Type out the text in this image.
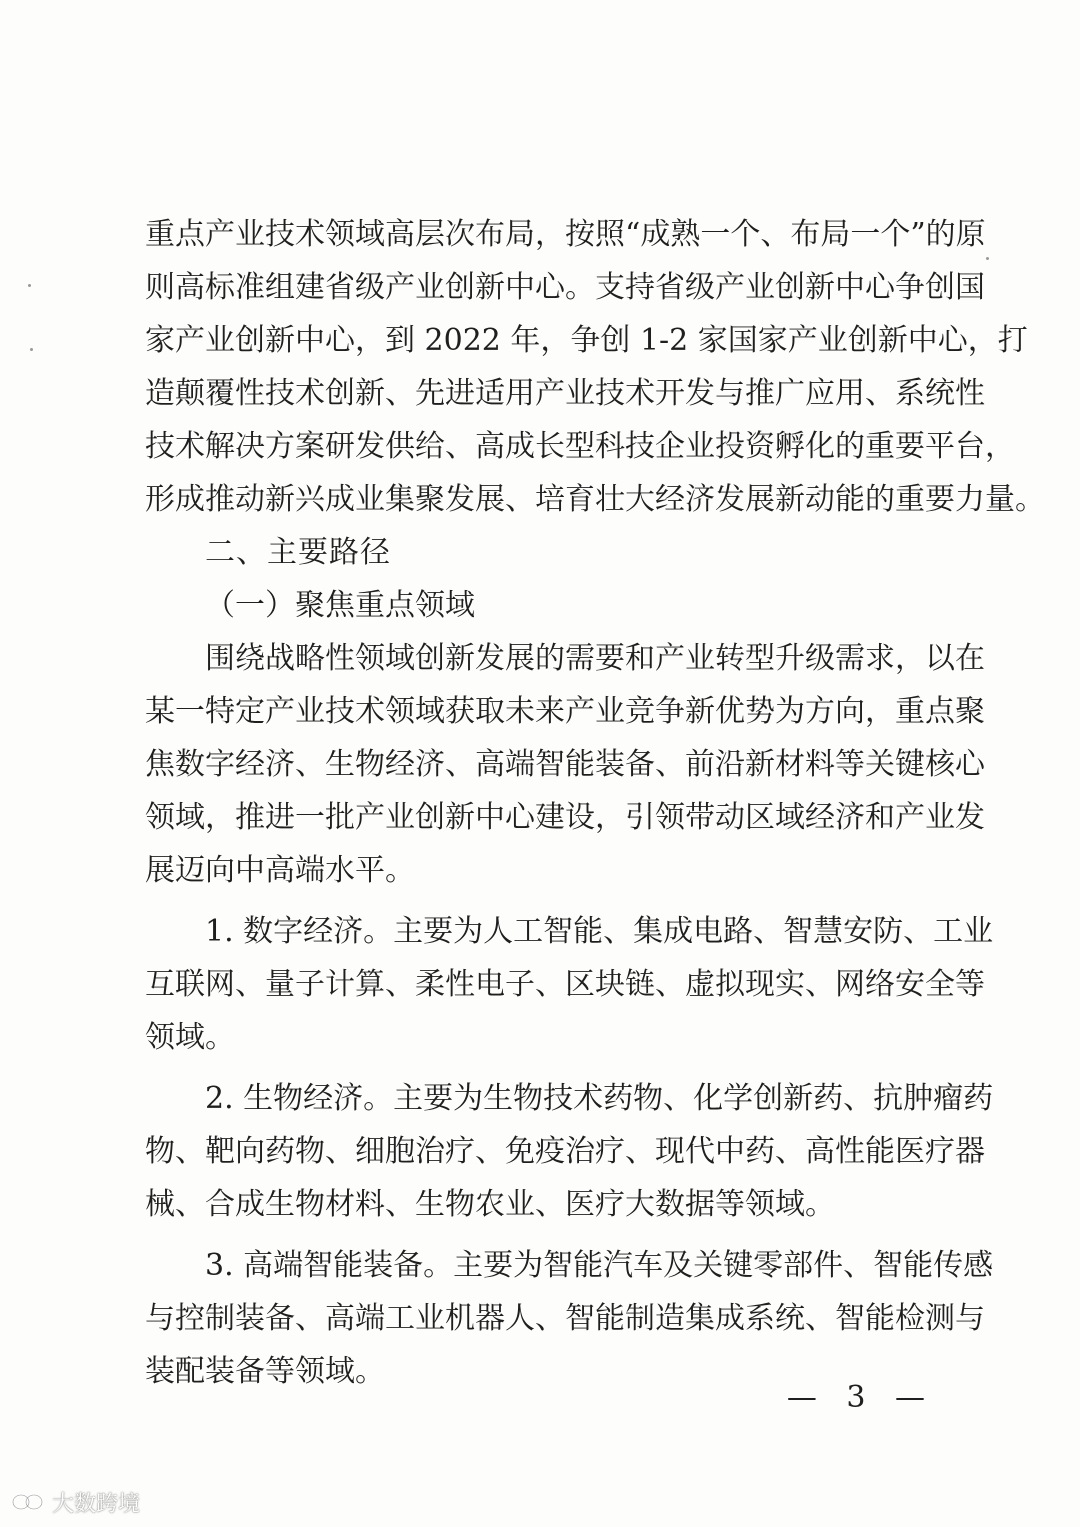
重点产业技术领域高层次布局，按照“成熟一个、布局一个”的原
则高标准组建省级产业创新中心。支持省级产业创新中心争创国
家产业创新中心，到 2022 年，争创 1-2 家国家产业创新中心，打
造颠覆性技术创新、先进适用产业技术开发与推广应用、系统性
技术解决方案研发供给、高成长型科技企业投资孵化的重要平台，
形成推动新兴成业集聚发展、培育壮大经济发展新动能的重要力量。
二、主要路径
（一）聚焦重点领域
围绕战略性领域创新发展的需要和产业转型升级需求，以在
某一特定产业技术领域获取未来产业竞争新优势为方向，重点聚
焦数字经济、生物经济、高端智能装备、前沿新材料等关键核心
领域，推进一批产业创新中心建设，引领带动区域经济和产业发
展迈向中高端水平。
1. 数字经济。主要为人工智能、集成电路、智慧安防、工业
互联网、量子计算、柔性电子、区块链、虚拟现实、网络安全等
领域。
2. 生物经济。主要为生物技术药物、化学创新药、抗肿瘤药
物、靶向药物、细胞治疗、免疫治疗、现代中药、高性能医疗器
械、合成生物材料、生物农业、医疗大数据等领域。
3. 高端智能装备。主要为智能汽车及关键零部件、智能传感
与控制装备、高端工业机器人、智能制造集成系统、智能检测与
装配装备等领域。
— 3 —
大数跨境
